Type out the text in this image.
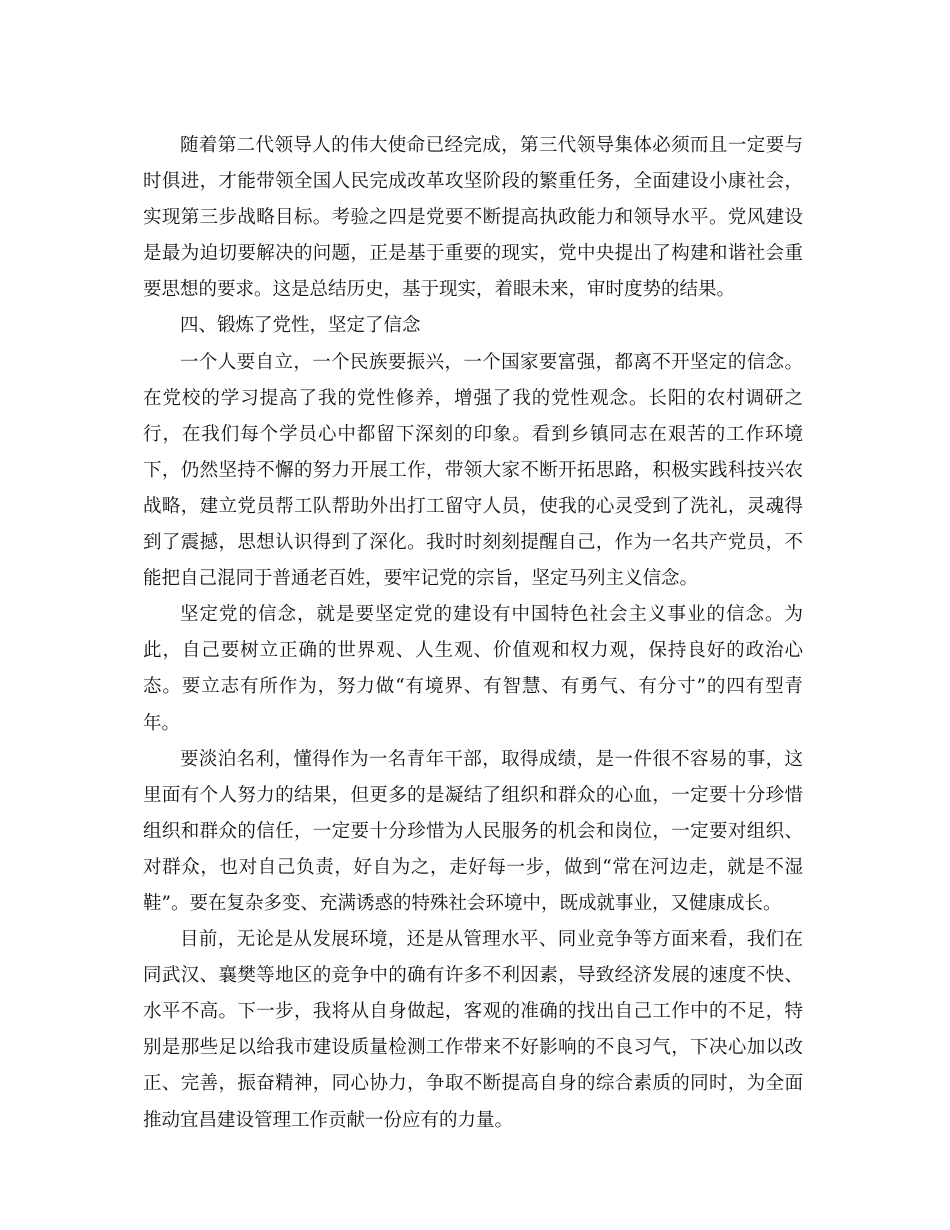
随着第二代领导人的伟大使命已经完成，第三代领导集体必须而且一定要与时俱进，才能带领全国人民完成改革攻坚阶段的繁重任务，全面建设小康社会，实现第三步战略目标。考验之四是党要不断提高执政能力和领导水平。党风建设是最为迫切要解决的问题，正是基于重要的现实，党中央提出了构建和谐社会重要思想的要求。这是总结历史，基于现实，着眼未来，审时度势的结果。

四、锻炼了党性，坚定了信念

一个人要自立，一个民族要振兴，一个国家要富强，都离不开坚定的信念。在党校的学习提高了我的党性修养，增强了我的党性观念。长阳的农村调研之行，在我们每个学员心中都留下深刻的印象。看到乡镇同志在艰苦的工作环境下，仍然坚持不懈的努力开展工作，带领大家不断开拓思路，积极实践科技兴农战略，建立党员帮工队帮助外出打工留守人员，使我的心灵受到了洗礼，灵魂得到了震撼，思想认识得到了深化。我时时刻刻提醒自己，作为一名共产党员，不能把自己混同于普通老百姓，要牢记党的宗旨，坚定马列主义信念。

坚定党的信念，就是要坚定党的建设有中国特色社会主义事业的信念。为此，自己要树立正确的世界观、人生观、价值观和权力观，保持良好的政治心态。要立志有所作为，努力做“有境界、有智慧、有勇气、有分寸”的四有型青年。

要淡泊名利，懂得作为一名青年干部，取得成绩，是一件很不容易的事，这里面有个人努力的结果，但更多的是凝结了组织和群众的心血，一定要十分珍惜组织和群众的信任，一定要十分珍惜为人民服务的机会和岗位，一定要对组织、对群众，也对自己负责，好自为之，走好每一步，做到“常在河边走，就是不湿鞋”。要在复杂多变、充满诱惑的特殊社会环境中，既成就事业，又健康成长。

目前，无论是从发展环境，还是从管理水平、同业竞争等方面来看，我们在同武汉、襄樊等地区的竞争中的确有许多不利因素，导致经济发展的速度不快、水平不高。下一步，我将从自身做起，客观的准确的找出自己工作中的不足，特别是那些足以给我市建设质量检测工作带来不好影响的不良习气，下决心加以改正、完善，振奋精神，同心协力，争取不断提高自身的综合素质的同时，为全面推动宜昌建设管理工作贡献一份应有的力量。
